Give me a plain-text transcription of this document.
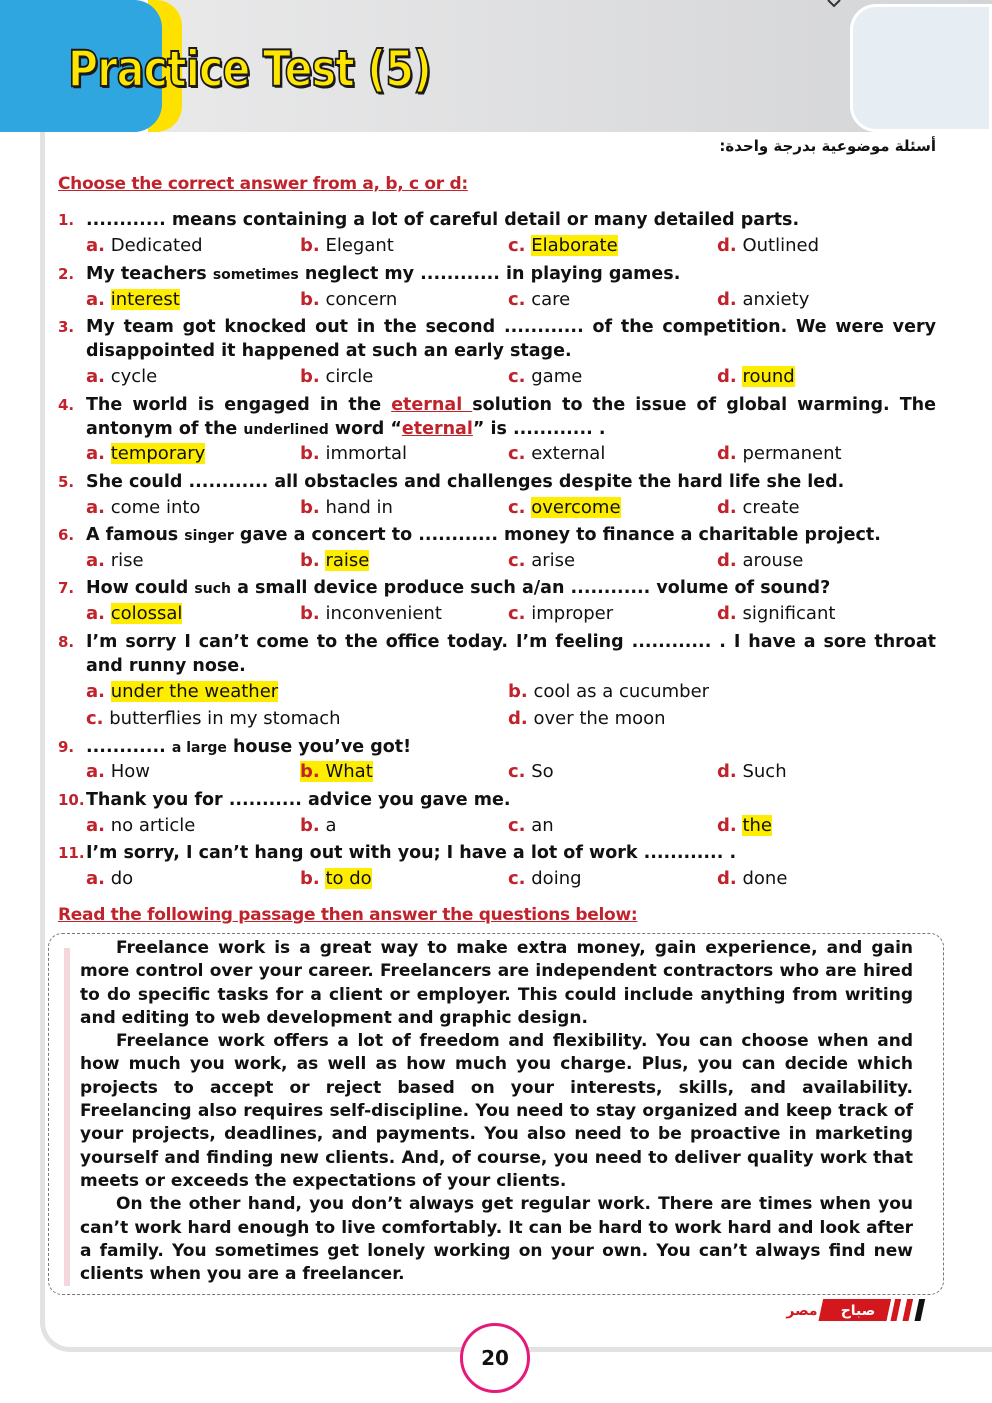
Practice Test (5)
أسئلة موضوعية بدرجة واحدة:
Choose the correct answer from a, b, c or d:
1. ............ means containing a lot of careful detail or many detailed parts.
a. Dedicated	b. Elegant	c. Elaborate	d. Outlined
2. My teachers sometimes neglect my ............ in playing games.
a. interest	b. concern	c. care	d. anxiety
3. My team got knocked out in the second ............ of the competition. We were very disappointed it happened at such an early stage.
a. cycle	b. circle	c. game	d. round
4. The world is engaged in the eternal solution to the issue of global warming. The antonym of the underlined word “eternal” is ............ .
a. temporary	b. immortal	c. external	d. permanent
5. She could ............ all obstacles and challenges despite the hard life she led.
a. come into	b. hand in	c. overcome	d. create
6. A famous singer gave a concert to ............ money to finance a charitable project.
a. rise	b. raise	c. arise	d. arouse
7. How could such a small device produce such a/an ............ volume of sound?
a. colossal	b. inconvenient	c. improper	d. significant
8. I’m sorry I can’t come to the office today. I’m feeling ............ . I have a sore throat and runny nose.
a. under the weather	b. cool as a cucumber
c. butterflies in my stomach	d. over the moon
9. ............ a large house you’ve got!
a. How	b. What	c. So	d. Such
10. Thank you for ........... advice you gave me.
a. no article	b. a	c. an	d. the
11. I’m sorry, I can’t hang out with you; I have a lot of work ............ .
a. do	b. to do	c. doing	d. done
Read the following passage then answer the questions below:

Freelance work is a great way to make extra money, gain experience, and gain more control over your career. Freelancers are independent contractors who are hired to do specific tasks for a client or employer. This could include anything from writing and editing to web development and graphic design.

Freelance work offers a lot of freedom and flexibility. You can choose when and how much you work, as well as how much you charge. Plus, you can decide which projects to accept or reject based on your interests, skills, and availability. Freelancing also requires self-discipline. You need to stay organized and keep track of your projects, deadlines, and payments. You also need to be proactive in marketing yourself and finding new clients. And, of course, you need to deliver quality work that meets or exceeds the expectations of your clients.

On the other hand, you don’t always get regular work. There are times when you can’t work hard enough to live comfortably. It can be hard to work hard and look after a family. You sometimes get lonely working on your own. You can’t always find new clients when you are a freelancer.

صباح
مصر
20
